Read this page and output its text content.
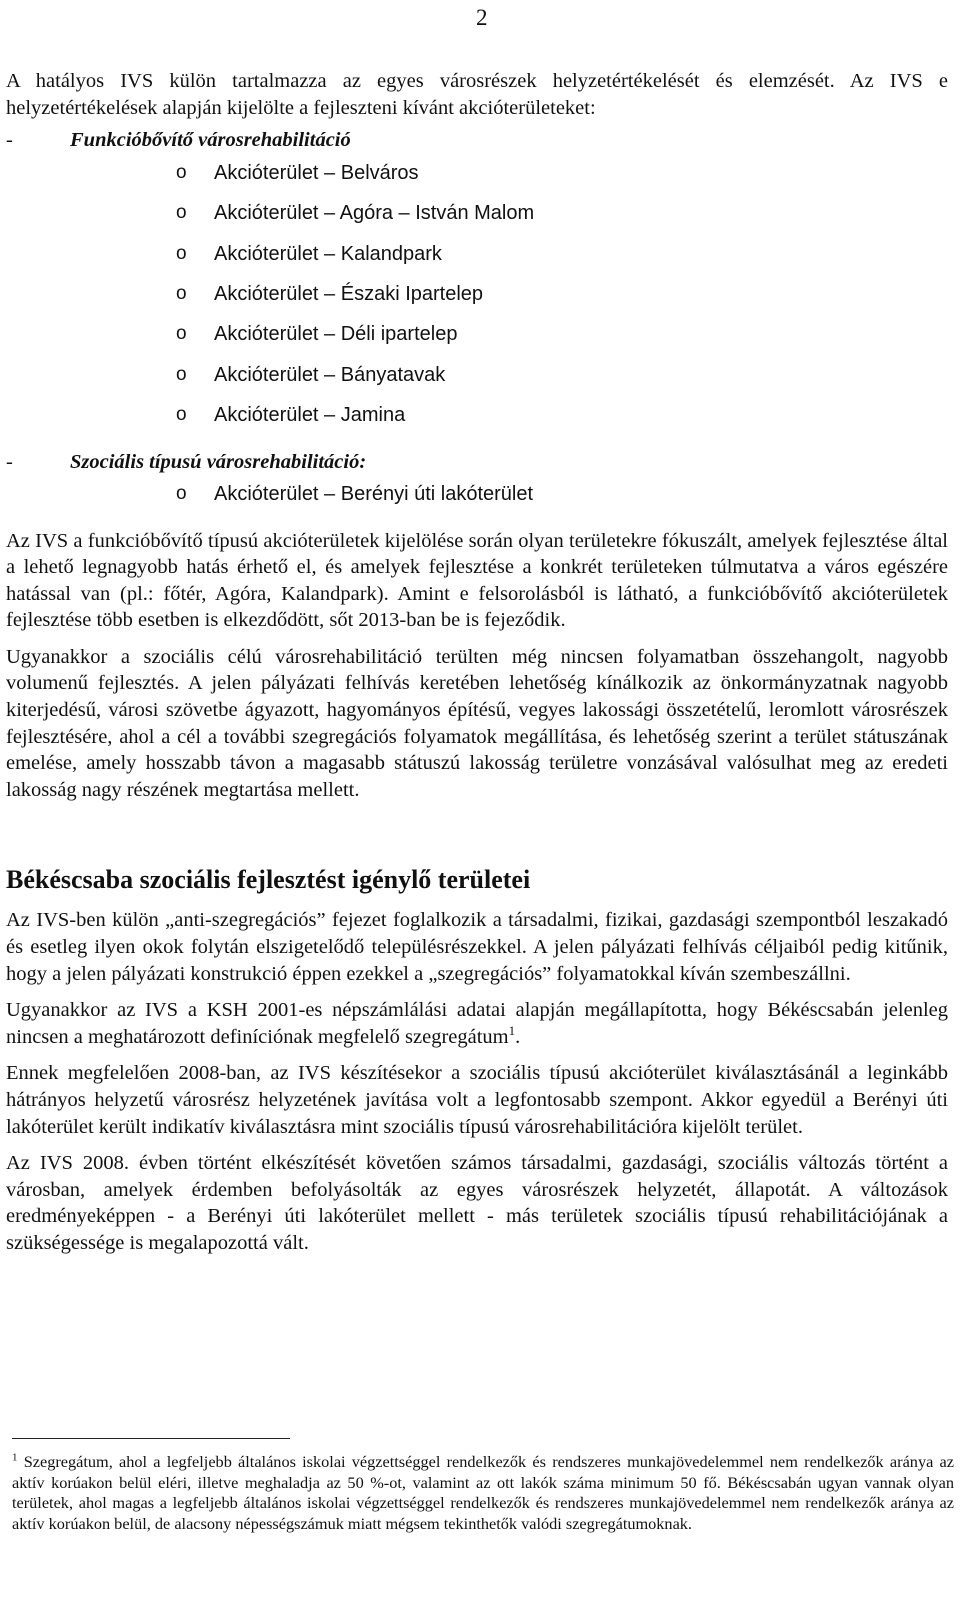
2

A hatályos IVS külön tartalmazza az egyes városrészek helyzetértékelését és elemzését. Az IVS e helyzetértékelések alapján kijelölte a fejleszteni kívánt akcióterületeket:

-	Funkcióbővítő városrehabilitáció
o Akcióterület – Belváros
o Akcióterület – Agóra – István Malom
o Akcióterület – Kalandpark
o Akcióterület – Északi Ipartelep
o Akcióterület – Déli ipartelep
o Akcióterület – Bányatavak
o Akcióterület – Jamina
-	Szociális típusú városrehabilitáció:
o Akcióterület – Berényi úti lakóterület

Az IVS a funkcióbővítő típusú akcióterületek kijelölése során olyan területekre fókuszált, amelyek fejlesztése által a lehető legnagyobb hatás érhető el, és amelyek fejlesztése a konkrét területeken túlmutatva a város egészére hatással van (pl.: főtér, Agóra, Kalandpark). Amint e felsorolásból is látható, a funkcióbővítő akcióterületek fejlesztése több esetben is elkezdődött, sőt 2013-ban be is fejeződik.

Ugyanakkor a szociális célú városrehabilitáció terülten még nincsen folyamatban összehangolt, nagyobb volumenű fejlesztés. A jelen pályázati felhívás keretében lehetőség kínálkozik az önkormányzatnak nagyobb kiterjedésű, városi szövetbe ágyazott, hagyományos építésű, vegyes lakossági összetételű, leromlott városrészek fejlesztésére, ahol a cél a további szegregációs folyamatok megállítása, és lehetőség szerint a terület státuszának emelése, amely hosszabb távon a magasabb státuszú lakosság területre vonzásával valósulhat meg az eredeti lakosság nagy részének megtartása mellett.

Békéscsaba szociális fejlesztést igénylő területei

Az IVS-ben külön „anti-szegregációs” fejezet foglalkozik a társadalmi, fizikai, gazdasági szempontból leszakadó és esetleg ilyen okok folytán elszigetelődő településrészekkel. A jelen pályázati felhívás céljaiból pedig kitűnik, hogy a jelen pályázati konstrukció éppen ezekkel a „szegregációs” folyamatokkal kíván szembeszállni.

Ugyanakkor az IVS a KSH 2001-es népszámlálási adatai alapján megállapította, hogy Békéscsabán jelenleg nincsen a meghatározott definíciónak megfelelő szegregátum$^1$.

Ennek megfelelően 2008-ban, az IVS készítésekor a szociális típusú akcióterület kiválasztásánál a leginkább hátrányos helyzetű városrész helyzetének javítása volt a legfontosabb szempont. Akkor egyedül a Berényi úti lakóterület került indikatív kiválasztásra mint szociális típusú városrehabilitációra kijelölt terület.

Az IVS 2008. évben történt elkészítését követően számos társadalmi, gazdasági, szociális változás történt a városban, amelyek érdemben befolyásolták az egyes városrészek helyzetét, állapotát. A változások eredményeképpen - a Berényi úti lakóterület mellett - más területek szociális típusú rehabilitációjának a szükségessége is megalapozottá vált.

$^1$ Szegregátum, ahol a legfeljebb általános iskolai végzettséggel rendelkezők és rendszeres munkajövedelemmel nem rendelkezők aránya az aktív korúakon belül eléri, illetve meghaladja az 50 %-ot, valamint az ott lakók száma minimum 50 fő. Békéscsabán ugyan vannak olyan területek, ahol magas a legfeljebb általános iskolai végzettséggel rendelkezők és rendszeres munkajövedelemmel nem rendelkezők aránya az aktív korúakon belül, de alacsony népességszámuk miatt mégsem tekinthetők valódi szegregátumoknak.
